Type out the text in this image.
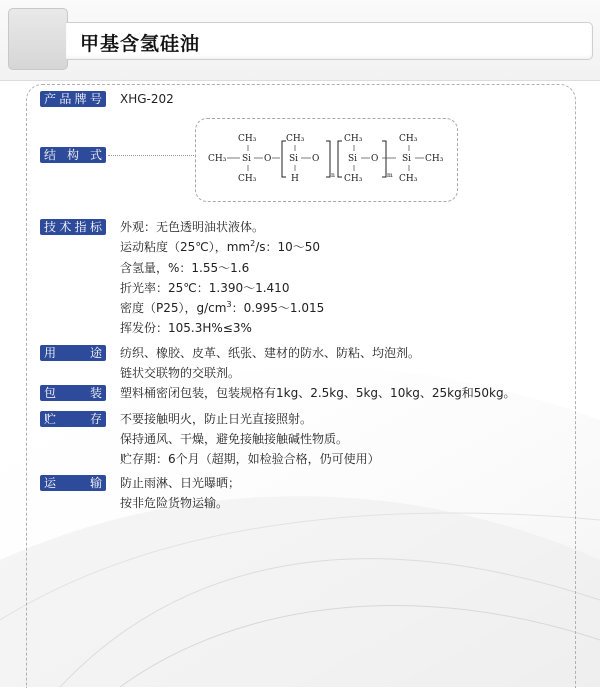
甲基含氢硅油
产 品 牌 号 XHG-202
结 构 式
CH₃
CH₃ Si O
CH₃
CH₃
Si O
H	n
CH₃
Si O
CH₃	m
CH₃
Si CH₃
CH₃
技 术 指 标 外观：无色透明油状液体。
运动粘度（25℃），$mm^2/s$：10～50
含氢量，%：1.55～1.6
折光率：25℃：1.390～1.410
密度（P25），$g/cm^3$：0.995～1.015
挥发份：105.3H%≤3%
用	途 纺织、橡胶、皮革、纸张、建材的防水、防粘、均泡剂。
链状交联物的交联剂。
包	装 塑料桶密闭包装，包装规格有1kg、2.5kg、5kg、10kg、25kg和50kg。
贮	存 不要接触明火，防止日光直接照射。
保持通风、干燥，避免接触接触碱性物质。
贮存期：6个月（超期，如检验合格，仍可使用）
运	输 防止雨淋、日光曝晒；
按非危险货物运输。
